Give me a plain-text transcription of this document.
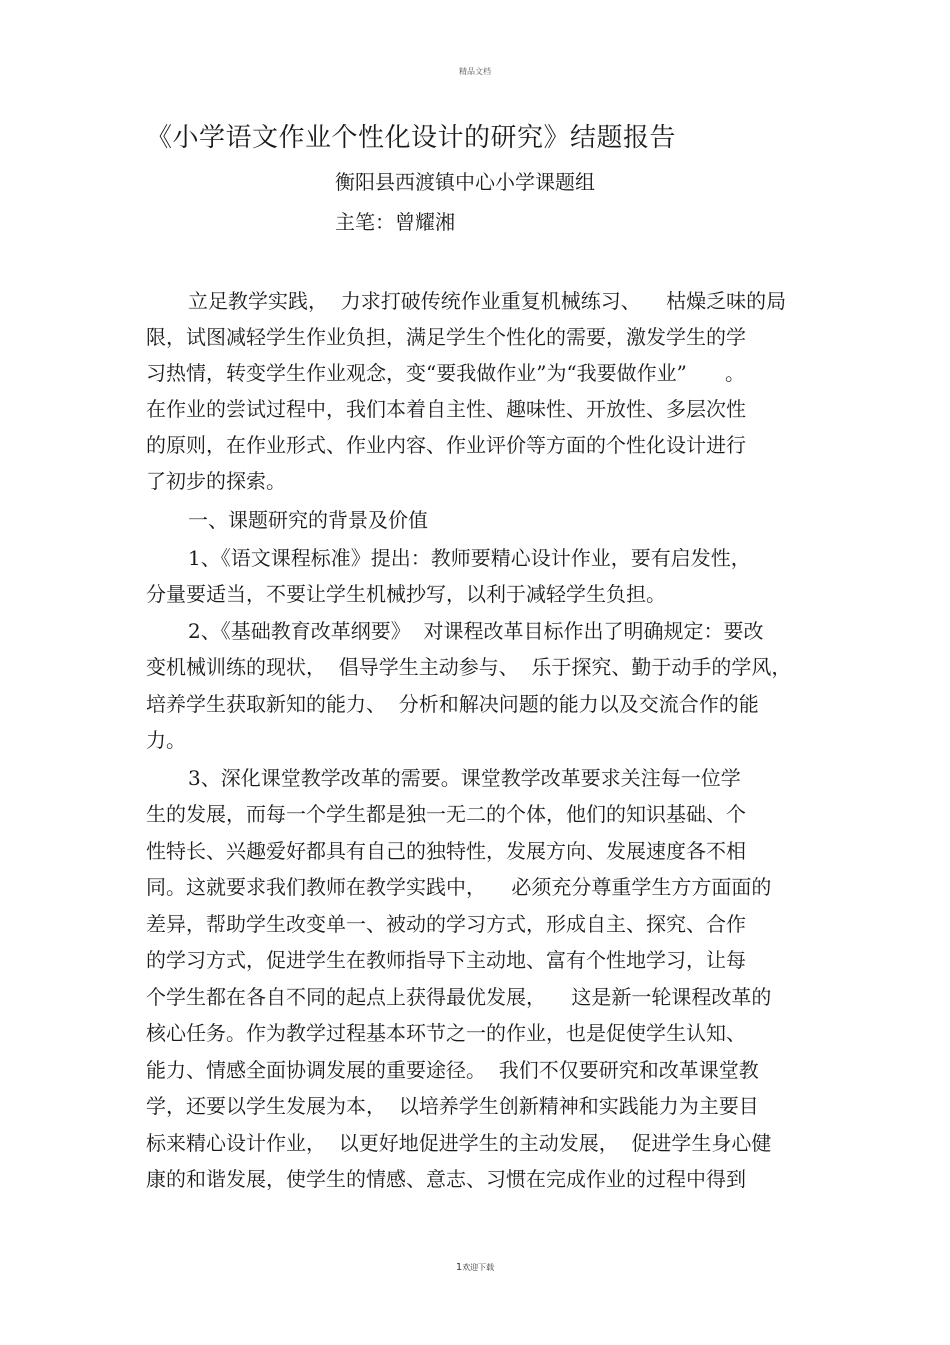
精品文档
《小学语文作业个性化设计的研究》结题报告
衡阳县西渡镇中心小学课题组
主笔：曾耀湘
立足教学实践，  力求打破传统作业重复机械练习、    枯燥乏味的局
限，试图减轻学生作业负担，满足学生个性化的需要，激发学生的学
习热情，转变学生作业观念，变“要我做作业”为“我要做作业”      。
在作业的尝试过程中，我们本着自主性、趣味性、开放性、多层次性
的原则，在作业形式、作业内容、作业评价等方面的个性化设计进行
了初步的探索。
一、课题研究的背景及价值
1、《语文课程标准》提出：教师要精心设计作业，要有启发性，
分量要适当，不要让学生机械抄写，以利于减轻学生负担。
2、《基础教育改革纲要》  对课程改革目标作出了明确规定：要改
变机械训练的现状，  倡导学生主动参与、  乐于探究、勤于动手的学风，
培养学生获取新知的能力、  分析和解决问题的能力以及交流合作的能
力。
3、深化课堂教学改革的需要。课堂教学改革要求关注每一位学
生的发展，而每一个学生都是独一无二的个体，他们的知识基础、个
性特长、兴趣爱好都具有自己的独特性，发展方向、发展速度各不相
同。这就要求我们教师在教学实践中，    必须充分尊重学生方方面面的
差异，帮助学生改变单一、被动的学习方式，形成自主、探究、合作
的学习方式，促进学生在教师指导下主动地、富有个性地学习，让每
个学生都在各自不同的起点上获得最优发展，    这是新一轮课程改革的
核心任务。作为教学过程基本环节之一的作业，也是促使学生认知、
能力、情感全面协调发展的重要途径。  我们不仅要研究和改革课堂教
学，还要以学生发展为本，  以培养学生创新精神和实践能力为主要目
标来精心设计作业，  以更好地促进学生的主动发展，  促进学生身心健
康的和谐发展，使学生的情感、意志、习惯在完成作业的过程中得到
1欢迎下载
